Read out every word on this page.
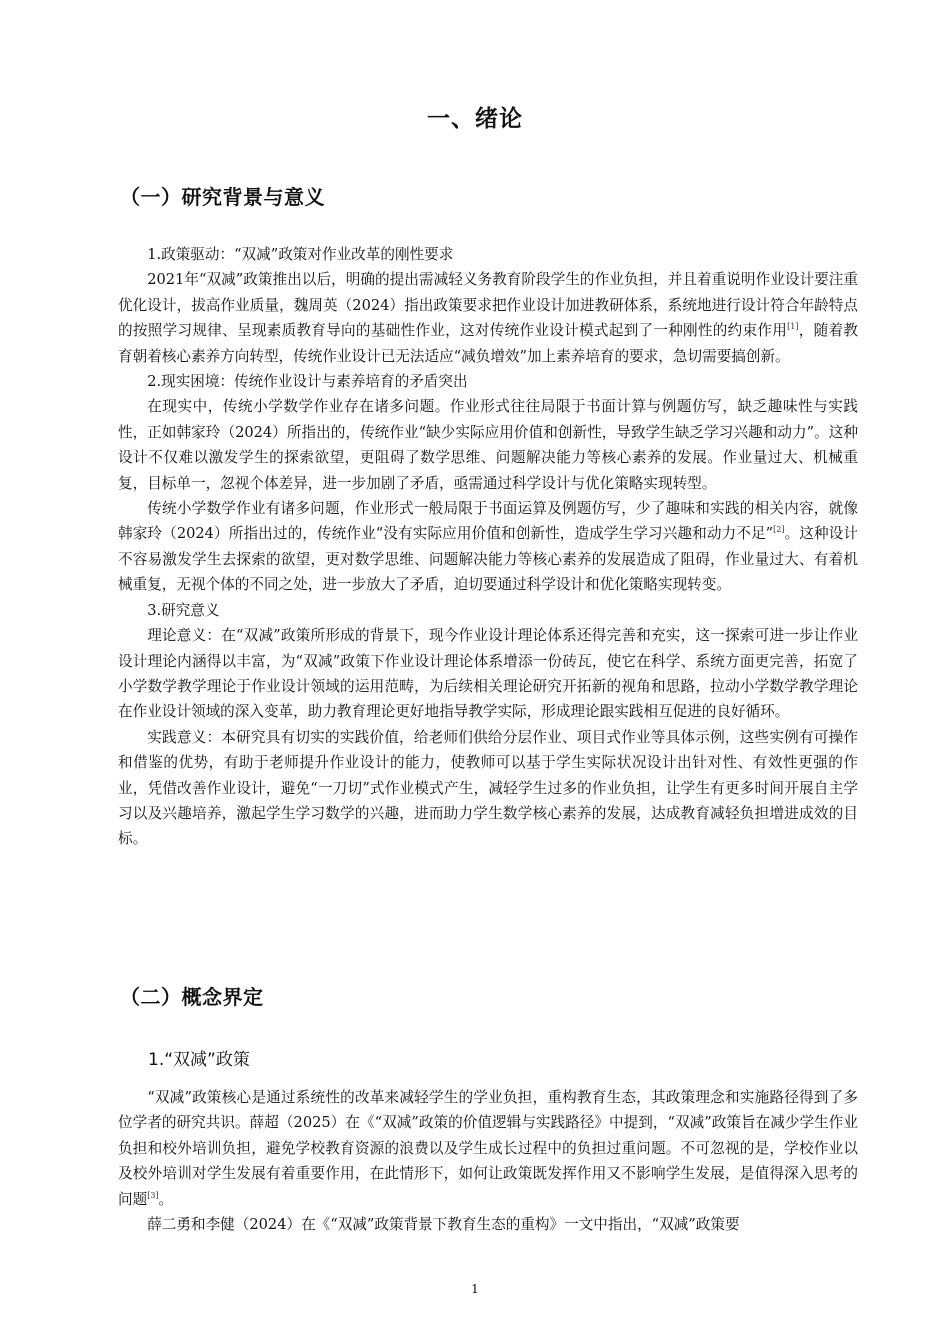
一、绪论
（一）研究背景与意义

1.政策驱动：“双减”政策对作业改革的刚性要求

2021年“双减”政策推出以后，明确的提出需减轻义务教育阶段学生的作业负担，并且着重说明作业设计要注重优化设计，拔高作业质量，魏周英（2024）指出政策要求把作业设计加进教研体系，系统地进行设计符合年龄特点的按照学习规律、呈现素质教育导向的基础性作业，这对传统作业设计模式起到了一种刚性的约束作用[1]，随着教育朝着核心素养方向转型，传统作业设计已无法适应“减负增效”加上素养培育的要求，急切需要搞创新。

2.现实困境：传统作业设计与素养培育的矛盾突出

在现实中，传统小学数学作业存在诸多问题。作业形式往往局限于书面计算与例题仿写，缺乏趣味性与实践性，正如韩家玲（2024）所指出的，传统作业“缺少实际应用价值和创新性，导致学生缺乏学习兴趣和动力”。这种设计不仅难以激发学生的探索欲望，更阻碍了数学思维、问题解决能力等核心素养的发展。作业量过大、机械重复，目标单一，忽视个体差异，进一步加剧了矛盾，亟需通过科学设计与优化策略实现转型。

传统小学数学作业有诸多问题，作业形式一般局限于书面运算及例题仿写，少了趣味和实践的相关内容，就像韩家玲（2024）所指出过的，传统作业“没有实际应用价值和创新性，造成学生学习兴趣和动力不足”[2]。这种设计不容易激发学生去探索的欲望，更对数学思维、问题解决能力等核心素养的发展造成了阻碍，作业量过大、有着机械重复，无视个体的不同之处，进一步放大了矛盾，迫切要通过科学设计和优化策略实现转变。

3.研究意义

理论意义：在“双减”政策所形成的背景下，现今作业设计理论体系还得完善和充实，这一探索可进一步让作业设计理论内涵得以丰富，为“双减”政策下作业设计理论体系增添一份砖瓦，使它在科学、系统方面更完善，拓宽了小学数学教学理论于作业设计领域的运用范畴，为后续相关理论研究开拓新的视角和思路，拉动小学数学教学理论在作业设计领域的深入变革，助力教育理论更好地指导教学实际，形成理论跟实践相互促进的良好循环。

实践意义：本研究具有切实的实践价值，给老师们供给分层作业、项目式作业等具体示例，这些实例有可操作和借鉴的优势，有助于老师提升作业设计的能力，使教师可以基于学生实际状况设计出针对性、有效性更强的作业，凭借改善作业设计，避免“一刀切”式作业模式产生，减轻学生过多的作业负担，让学生有更多时间开展自主学习以及兴趣培养，激起学生学习数学的兴趣，进而助力学生数学核心素养的发展，达成教育减轻负担增进成效的目标。

（二）概念界定
1.“双减”政策

“双减”政策核心是通过系统性的改革来减轻学生的学业负担，重构教育生态，其政策理念和实施路径得到了多位学者的研究共识。薛超（2025）在《“双减”政策的价值逻辑与实践路径》中提到，“双减”政策旨在减少学生作业负担和校外培训负担，避免学校教育资源的浪费以及学生成长过程中的负担过重问题。不可忽视的是，学校作业以及校外培训对学生发展有着重要作用，在此情形下，如何让政策既发挥作用又不影响学生发展，是值得深入思考的问题[3]。

薛二勇和李健（2024）在《“双减”政策背景下教育生态的重构》一文中指出，“双减”政策要

1
